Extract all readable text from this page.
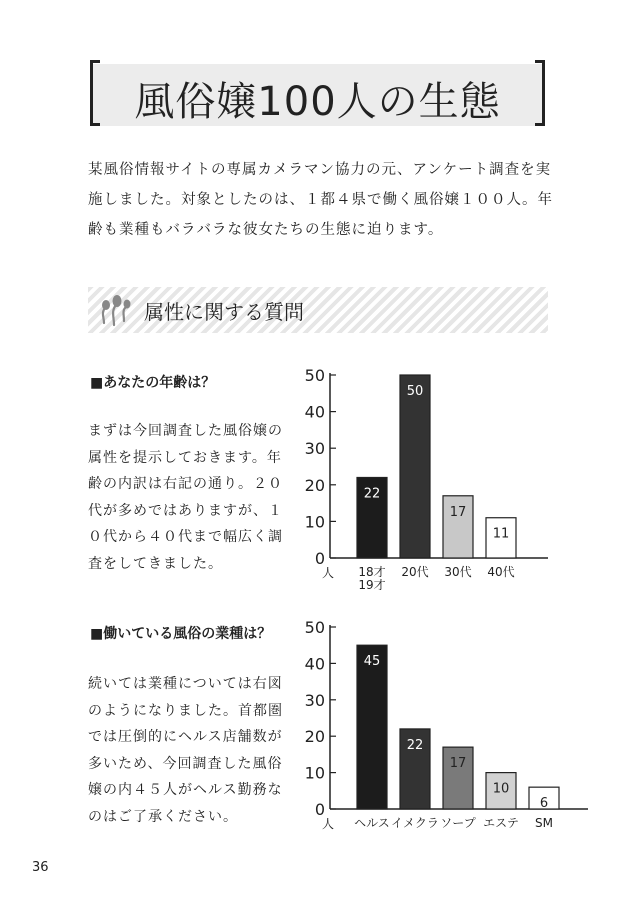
風俗嬢100人の生態

某風俗情報サイトの専属カメラマン協力の元、アンケート調査を実施しました。対象としたのは、１都４県で働く風俗嬢１００人。年齢も業種もバラバラな彼女たちの生態に迫ります。

属性に関する質問
■あなたの年齢は？

まずは今回調査した風俗嬢の属性を提示しておきます。年齢の内訳は右記の通り。２０代が多めではありますが、１０代から４０代まで幅広く調査をしてきました。

■働いている風俗の業種は？

続いては業種については右図のようになりました。首都圏では圧倒的にヘルス店舗数が多いため、今回調査した風俗嬢の内４５人がヘルス勤務なのはご了承ください。

0
10
20
30
40
50
人
22
18才
19才
50
20代
17
30代
11
40代
0
10
20
30
40
50
人
45
ヘルス
22
イメクラ
17
ソープ
10
エステ
6
SM
36
